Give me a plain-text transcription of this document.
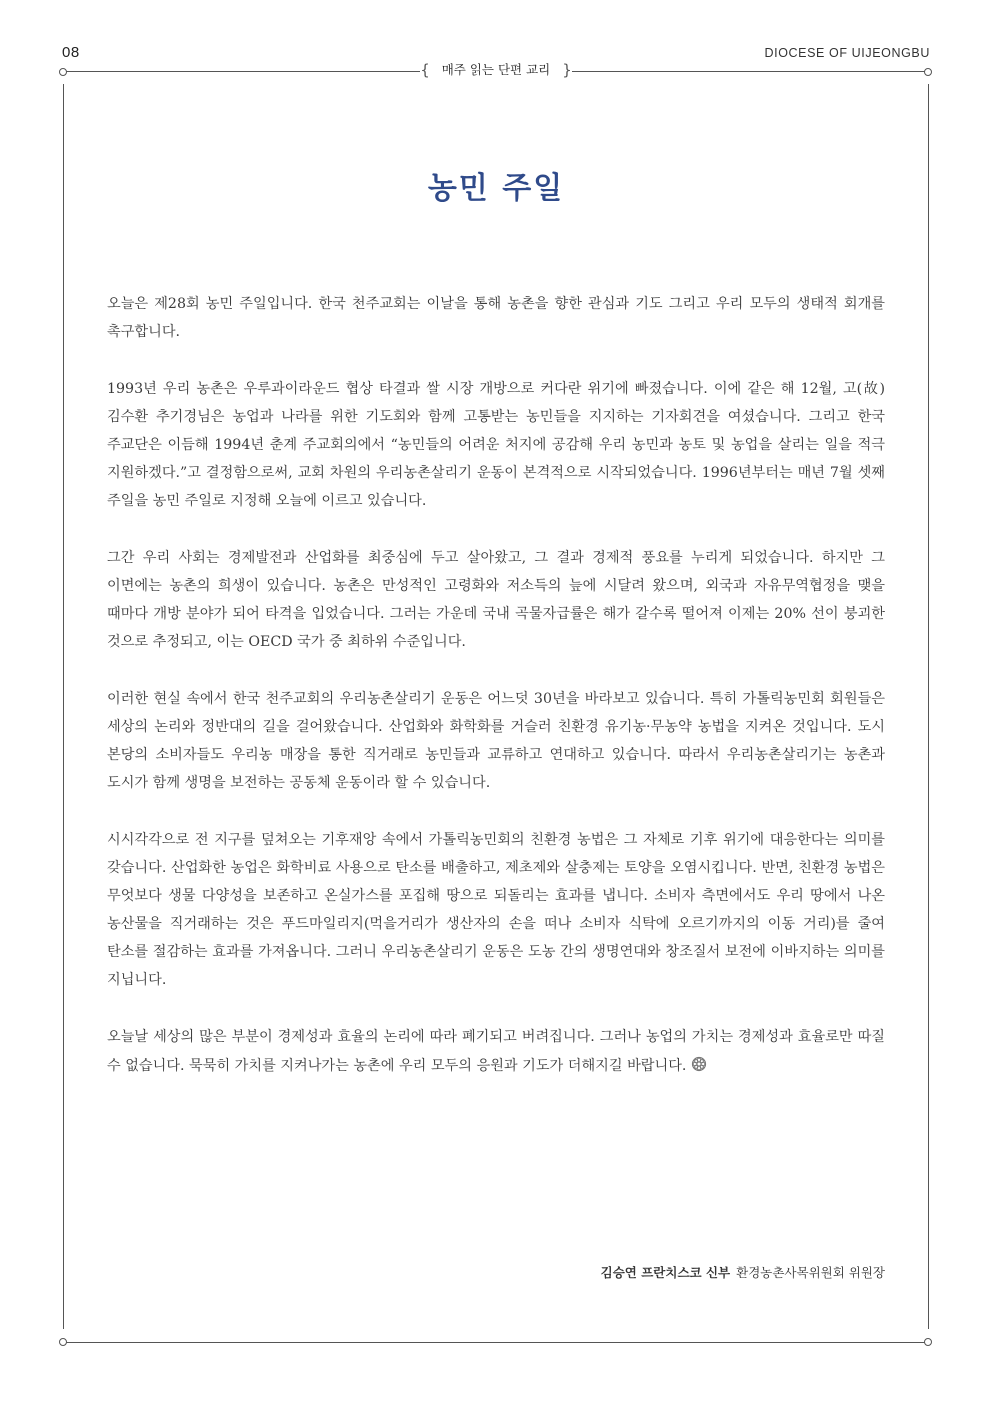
08	DIOCESE OF UIJEONGBU
{ 매주 읽는 단편 교리 }
농민 주일

오늘은 제28회 농민 주일입니다. 한국 천주교회는 이날을 통해 농촌을 향한 관심과 기도 그리고 우리 모두의 생태적 회개를 촉구합니다.

1993년 우리 농촌은 우루과이라운드 협상 타결과 쌀 시장 개방으로 커다란 위기에 빠졌습니다. 이에 같은 해 12월, 고(故) 김수환 추기경님은 농업과 나라를 위한 기도회와 함께 고통받는 농민들을 지지하는 기자회견을 여셨습니다. 그리고 한국 주교단은 이듬해 1994년 춘계 주교회의에서 “농민들의 어려운 처지에 공감해 우리 농민과 농토 및 농업을 살리는 일을 적극 지원하겠다.”고 결정함으로써, 교회 차원의 우리농촌살리기 운동이 본격적으로 시작되었습니다. 1996년부터는 매년 7월 셋째 주일을 농민 주일로 지정해 오늘에 이르고 있습니다.

그간 우리 사회는 경제발전과 산업화를 최중심에 두고 살아왔고, 그 결과 경제적 풍요를 누리게 되었습니다. 하지만 그 이면에는 농촌의 희생이 있습니다. 농촌은 만성적인 고령화와 저소득의 늪에 시달려 왔으며, 외국과 자유무역협정을 맺을 때마다 개방 분야가 되어 타격을 입었습니다. 그러는 가운데 국내 곡물자급률은 해가 갈수록 떨어져 이제는 20% 선이 붕괴한 것으로 추정되고, 이는 OECD 국가 중 최하위 수준입니다.

이러한 현실 속에서 한국 천주교회의 우리농촌살리기 운동은 어느덧 30년을 바라보고 있습니다. 특히 가톨릭농민회 회원들은 세상의 논리와 정반대의 길을 걸어왔습니다. 산업화와 화학화를 거슬러 친환경 유기농·무농약 농법을 지켜온 것입니다. 도시 본당의 소비자들도 우리농 매장을 통한 직거래로 농민들과 교류하고 연대하고 있습니다. 따라서 우리농촌살리기는 농촌과 도시가 함께 생명을 보전하는 공동체 운동이라 할 수 있습니다.

시시각각으로 전 지구를 덮쳐오는 기후재앙 속에서 가톨릭농민회의 친환경 농법은 그 자체로 기후 위기에 대응한다는 의미를 갖습니다. 산업화한 농업은 화학비료 사용으로 탄소를 배출하고, 제초제와 살충제는 토양을 오염시킵니다. 반면, 친환경 농법은 무엇보다 생물 다양성을 보존하고 온실가스를 포집해 땅으로 되돌리는 효과를 냅니다. 소비자 측면에서도 우리 땅에서 나온 농산물을 직거래하는 것은 푸드마일리지(먹을거리가 생산자의 손을 떠나 소비자 식탁에 오르기까지의 이동 거리)를 줄여 탄소를 절감하는 효과를 가져옵니다. 그러니 우리농촌살리기 운동은 도농 간의 생명연대와 창조질서 보전에 이바지하는 의미를 지닙니다.

오늘날 세상의 많은 부분이 경제성과 효율의 논리에 따라 폐기되고 버려집니다. 그러나 농업의 가치는 경제성과 효율로만 따질 수 없습니다. 묵묵히 가치를 지켜나가는 농촌에 우리 모두의 응원과 기도가 더해지길 바랍니다.

김승연 프란치스코 신부 환경농촌사목위원회 위원장
